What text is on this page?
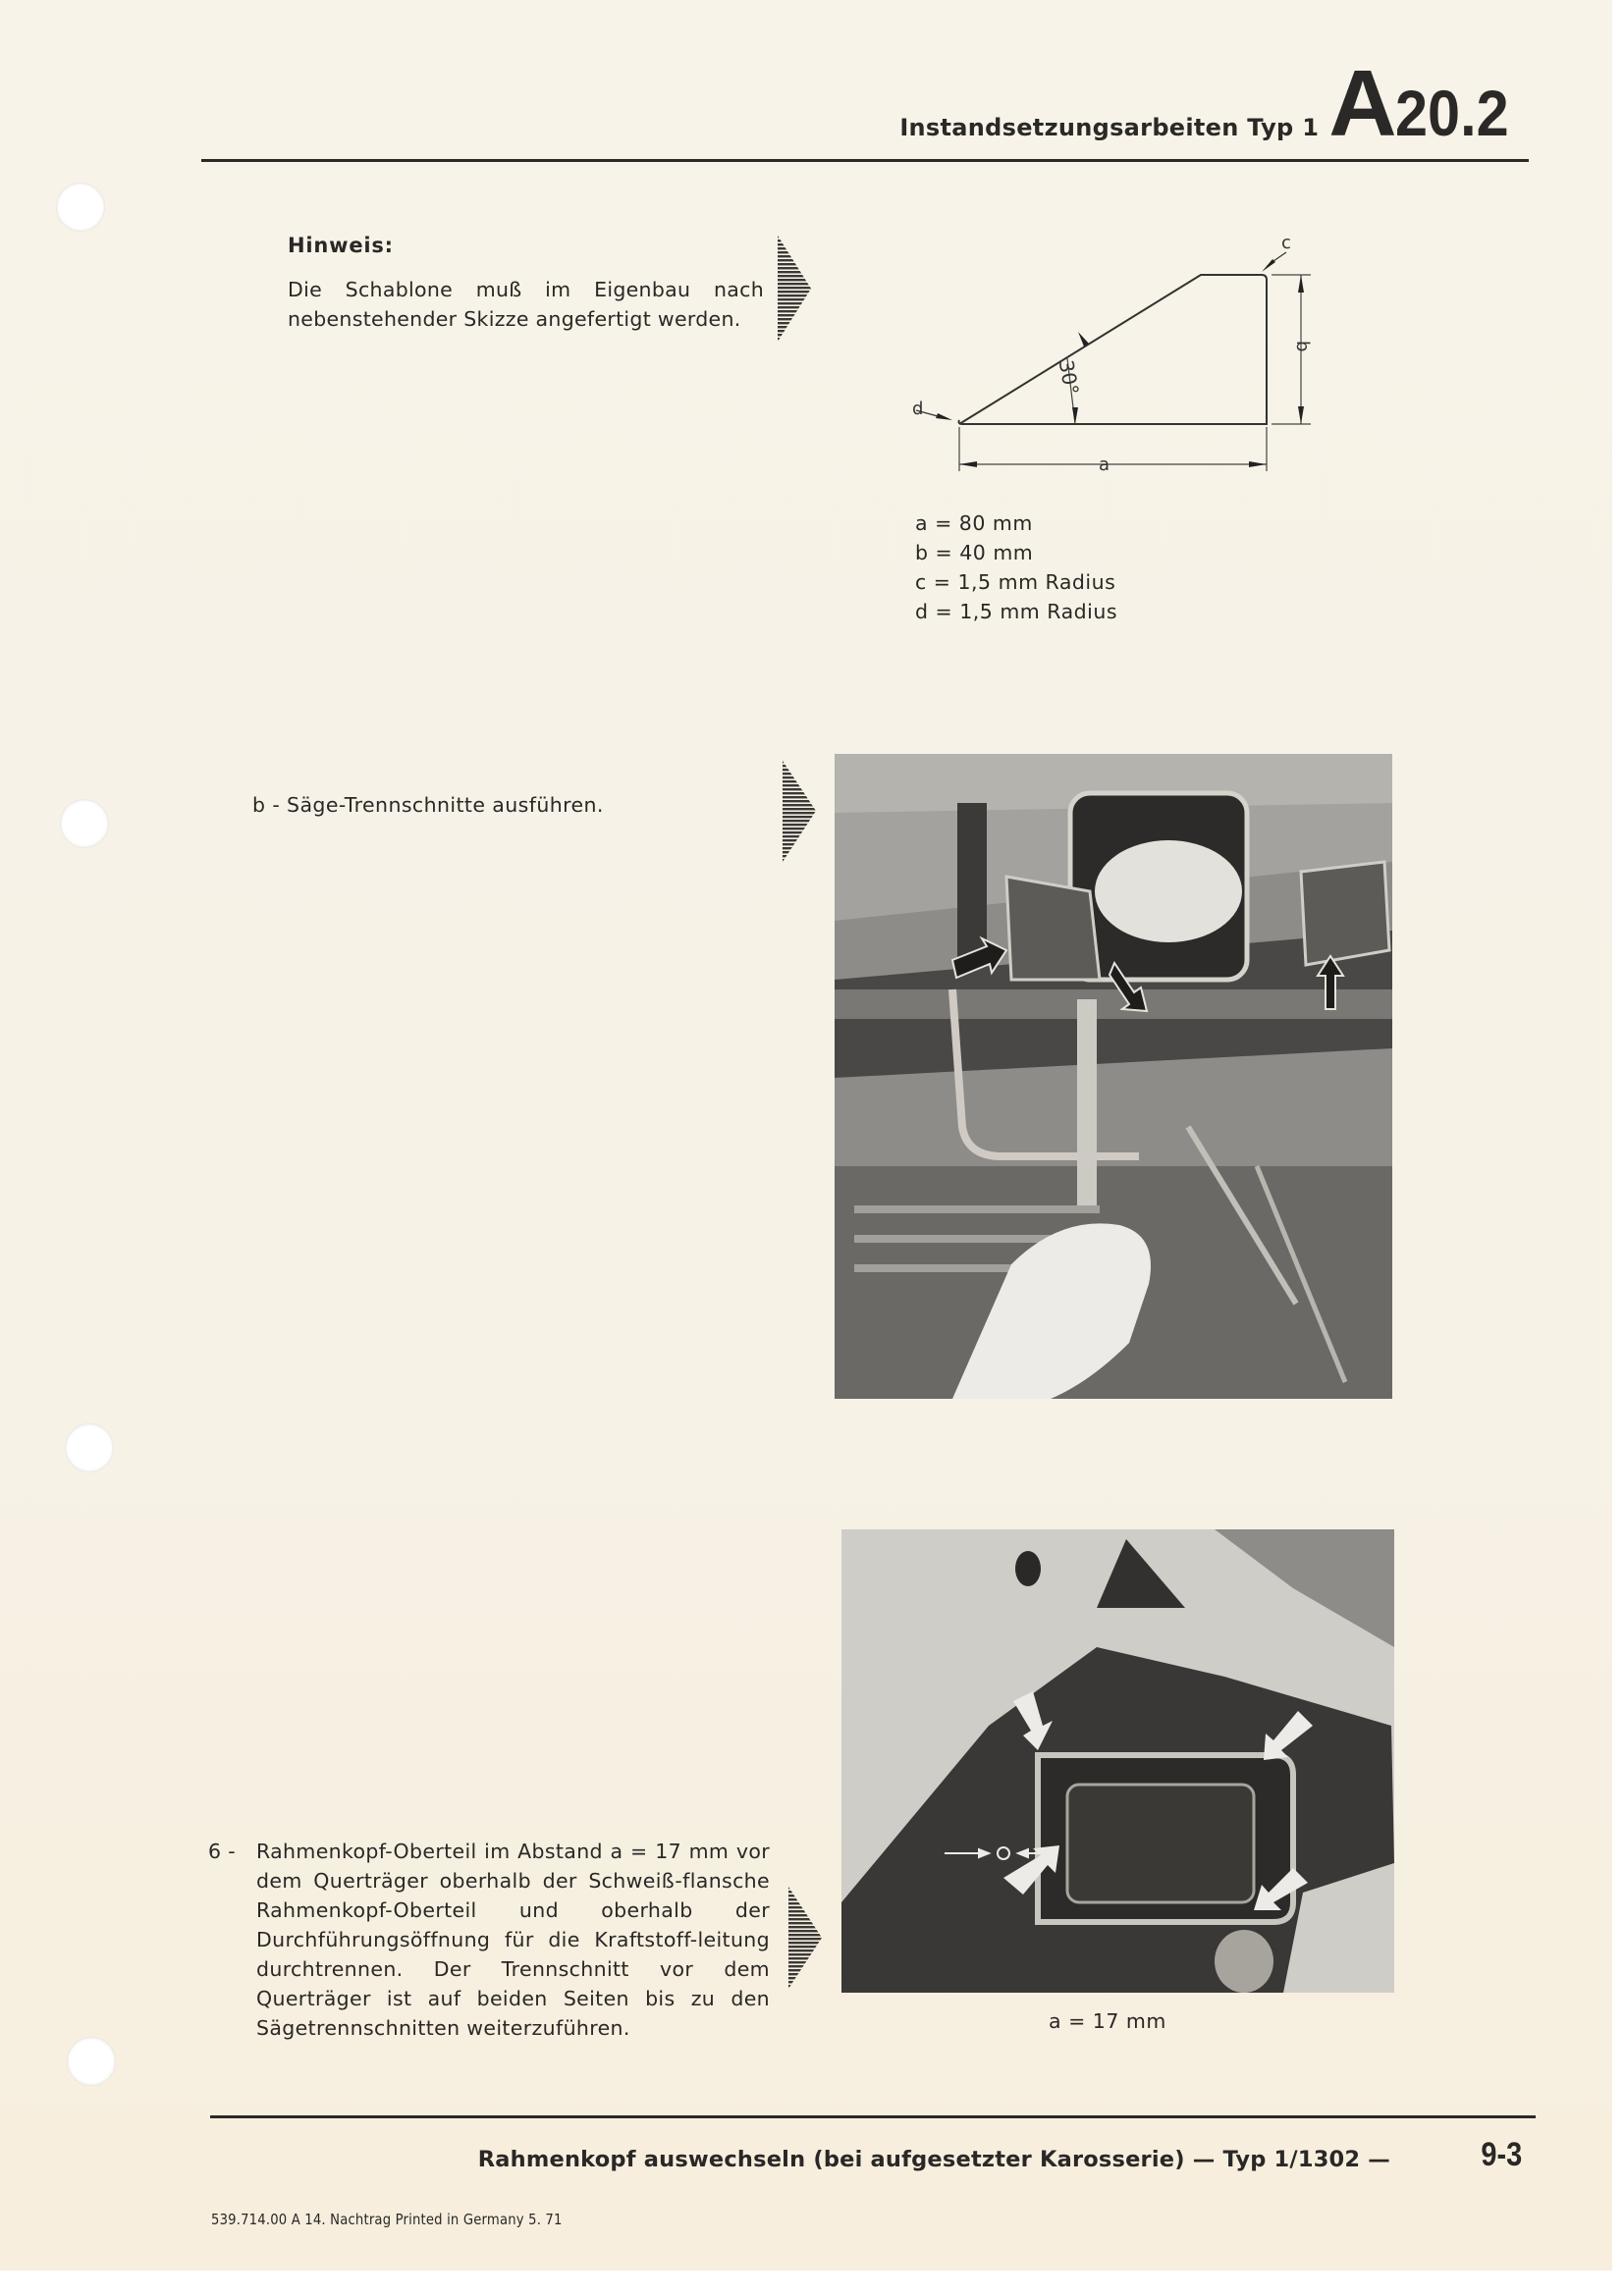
Instandsetzungsarbeiten Typ 1 A 20.2
Hinweis:
Die Schablone muß im Eigenbau nach nebenstehender Skizze angefertigt werden.
d
c
a
b
30°
a = 80 mm
b = 40 mm
c = 1,5 mm Radius
d = 1,5 mm Radius
b - Säge-Trennschnitte ausführen.
a = 17 mm
6 - Rahmenkopf-Oberteil im Abstand a = 17 mm vor dem Querträger oberhalb der Schweiß-flansche Rahmenkopf-Oberteil und oberhalb der Durchführungsöffnung für die Kraftstoff-leitung durchtrennen. Der Trennschnitt vor dem Querträger ist auf beiden Seiten bis zu den Sägetrennschnitten weiterzuführen.
Rahmenkopf auswechseln (bei aufgesetzter Karosserie) — Typ 1/1302 —	9-3
539.714.00 A 14. Nachtrag Printed in Germany 5. 71
